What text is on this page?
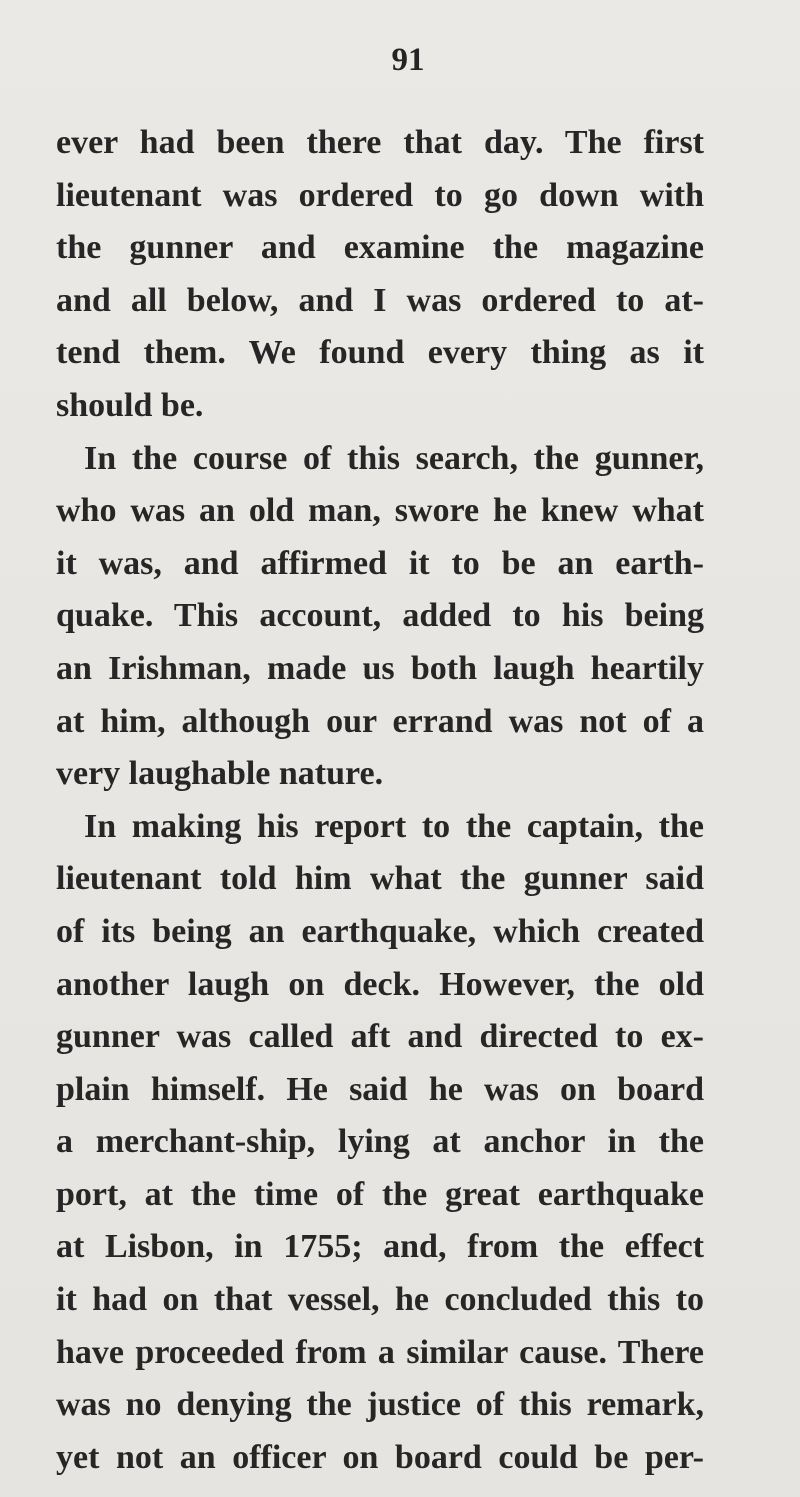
91
ever had been there that day. The first
lieutenant was ordered to go down with
the gunner and examine the magazine
and all below, and I was ordered to at-
tend them. We found every thing as it
should be.
In the course of this search, the gunner,
who was an old man, swore he knew what
it was, and affirmed it to be an earth-
quake. This account, added to his being
an Irishman, made us both laugh heartily
at him, although our errand was not of a
very laughable nature.
In making his report to the captain, the
lieutenant told him what the gunner said
of its being an earthquake, which created
another laugh on deck. However, the old
gunner was called aft and directed to ex-
plain himself. He said he was on board
a merchant-ship, lying at anchor in the
port, at the time of the great earthquake
at Lisbon, in 1755; and, from the effect
it had on that vessel, he concluded this to
have proceeded from a similar cause. There
was no denying the justice of this remark,
yet not an officer on board could be per-
